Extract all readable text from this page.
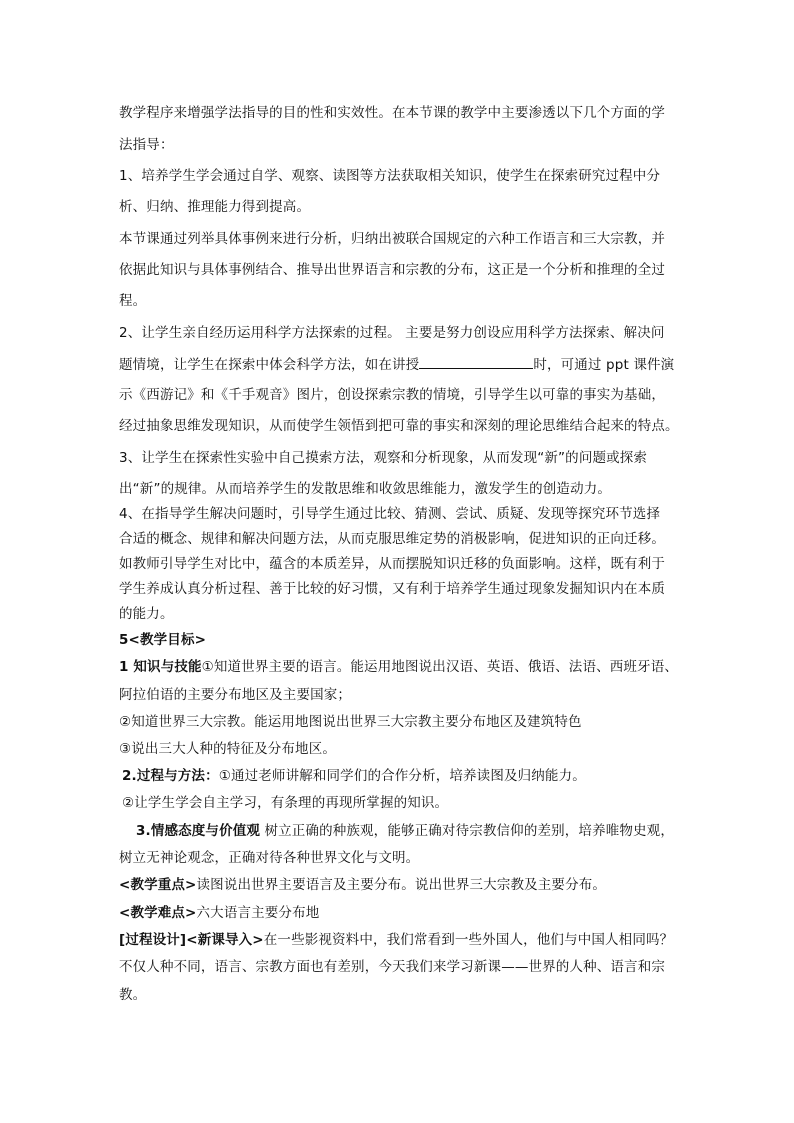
教学程序来增强学法指导的目的性和实效性。在本节课的教学中主要渗透以下几个方面的学
法指导：
1、培养学生学会通过自学、观察、读图等方法获取相关知识，使学生在探索研究过程中分
析、归纳、推理能力得到提高。
本节课通过列举具体事例来进行分析，归纳出被联合国规定的六种工作语言和三大宗教，并
依据此知识与具体事例结合、推导出世界语言和宗教的分布，这正是一个分析和推理的全过
程。
2、让学生亲自经历运用科学方法探索的过程。 主要是努力创设应用科学方法探索、解决问
题情境，让学生在探索中体会科学方法，如在讲授	时，可通过 ppt 课件演
示《西游记》和《千手观音》图片，创设探索宗教的情境，引导学生以可靠的事实为基础，
经过抽象思维发现知识，从而使学生领悟到把可靠的事实和深刻的理论思维结合起来的特点。
3、让学生在探索性实验中自己摸索方法，观察和分析现象，从而发现“新”的问题或探索
出“新”的规律。从而培养学生的发散思维和收敛思维能力，激发学生的创造动力。
4、在指导学生解决问题时，引导学生通过比较、猜测、尝试、质疑、发现等探究环节选择
合适的概念、规律和解决问题方法，从而克服思维定势的消极影响，促进知识的正向迁移。
如教师引导学生对比中，蕴含的本质差异，从而摆脱知识迁移的负面影响。这样，既有利于
学生养成认真分析过程、善于比较的好习惯，又有利于培养学生通过现象发掘知识内在本质
的能力。
5<教学目标>
1 知识与技能①知道世界主要的语言。能运用地图说出汉语、英语、俄语、法语、西班牙语、
阿拉伯语的主要分布地区及主要国家；
②知道世界三大宗教。能运用地图说出世界三大宗教主要分布地区及建筑特色
③说出三大人种的特征及分布地区。
2.过程与方法：①通过老师讲解和同学们的合作分析，培养读图及归纳能力。
②让学生学会自主学习，有条理的再现所掌握的知识。
3.情感态度与价值观 树立正确的种族观，能够正确对待宗教信仰的差别，培养唯物史观，
树立无神论观念，正确对待各种世界文化与文明。
<教学重点>读图说出世界主要语言及主要分布。说出世界三大宗教及主要分布。
<教学难点>六大语言主要分布地
[过程设计]<新课导入>在一些影视资料中，我们常看到一些外国人，他们与中国人相同吗？
不仅人种不同，语言、宗教方面也有差别，今天我们来学习新课——世界的人种、语言和宗
教。
